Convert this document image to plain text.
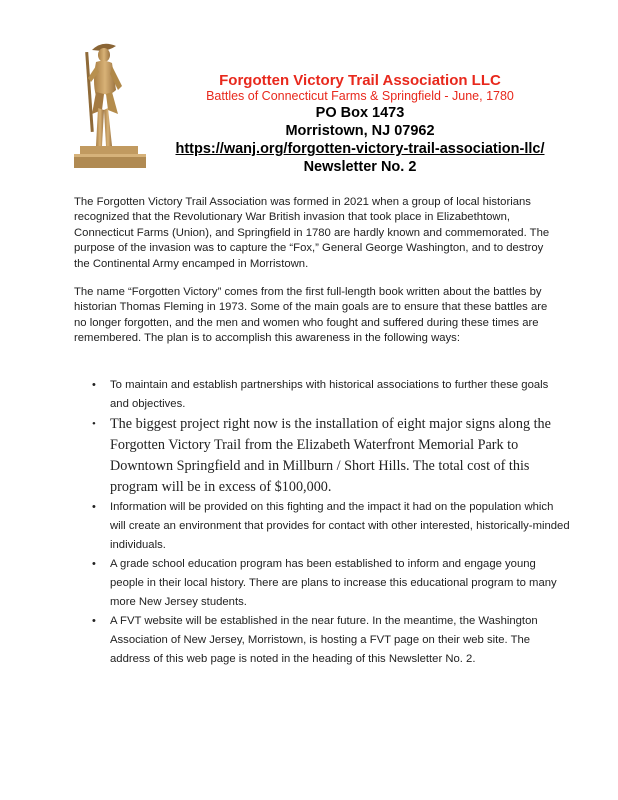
Forgotten Victory Trail Association LLC
Battles of Connecticut Farms & Springfield - June, 1780
PO Box 1473
Morristown, NJ 07962
https://wanj.org/forgotten-victory-trail-association-llc/
Newsletter No. 2

The Forgotten Victory Trail Association was formed in 2021 when a group of local historians recognized that the Revolutionary War British invasion that took place in Elizabethtown, Connecticut Farms (Union), and Springfield in 1780 are hardly known and commemorated. The purpose of the invasion was to capture the “Fox,” General George Washington, and to destroy the Continental Army encamped in Morristown.

The name “Forgotten Victory” comes from the first full-length book written about the battles by historian Thomas Fleming in 1973. Some of the main goals are to ensure that these battles are no longer forgotten, and the men and women who fought and suffered during these times are remembered. The plan is to accomplish this awareness in the following ways:

• To maintain and establish partnerships with historical associations to further these goals and objectives.
• The biggest project right now is the installation of eight major signs along the Forgotten Victory Trail from the Elizabeth Waterfront Memorial Park to Downtown Springfield and in Millburn / Short Hills. The total cost of this program will be in excess of $100,000.
• Information will be provided on this fighting and the impact it had on the population which will create an environment that provides for contact with other interested, historically-minded individuals.
• A grade school education program has been established to inform and engage young people in their local history. There are plans to increase this educational program to many more New Jersey students.
• A FVT website will be established in the near future. In the meantime, the Washington Association of New Jersey, Morristown, is hosting a FVT page on their web site. The address of this web page is noted in the heading of this Newsletter No. 2.
